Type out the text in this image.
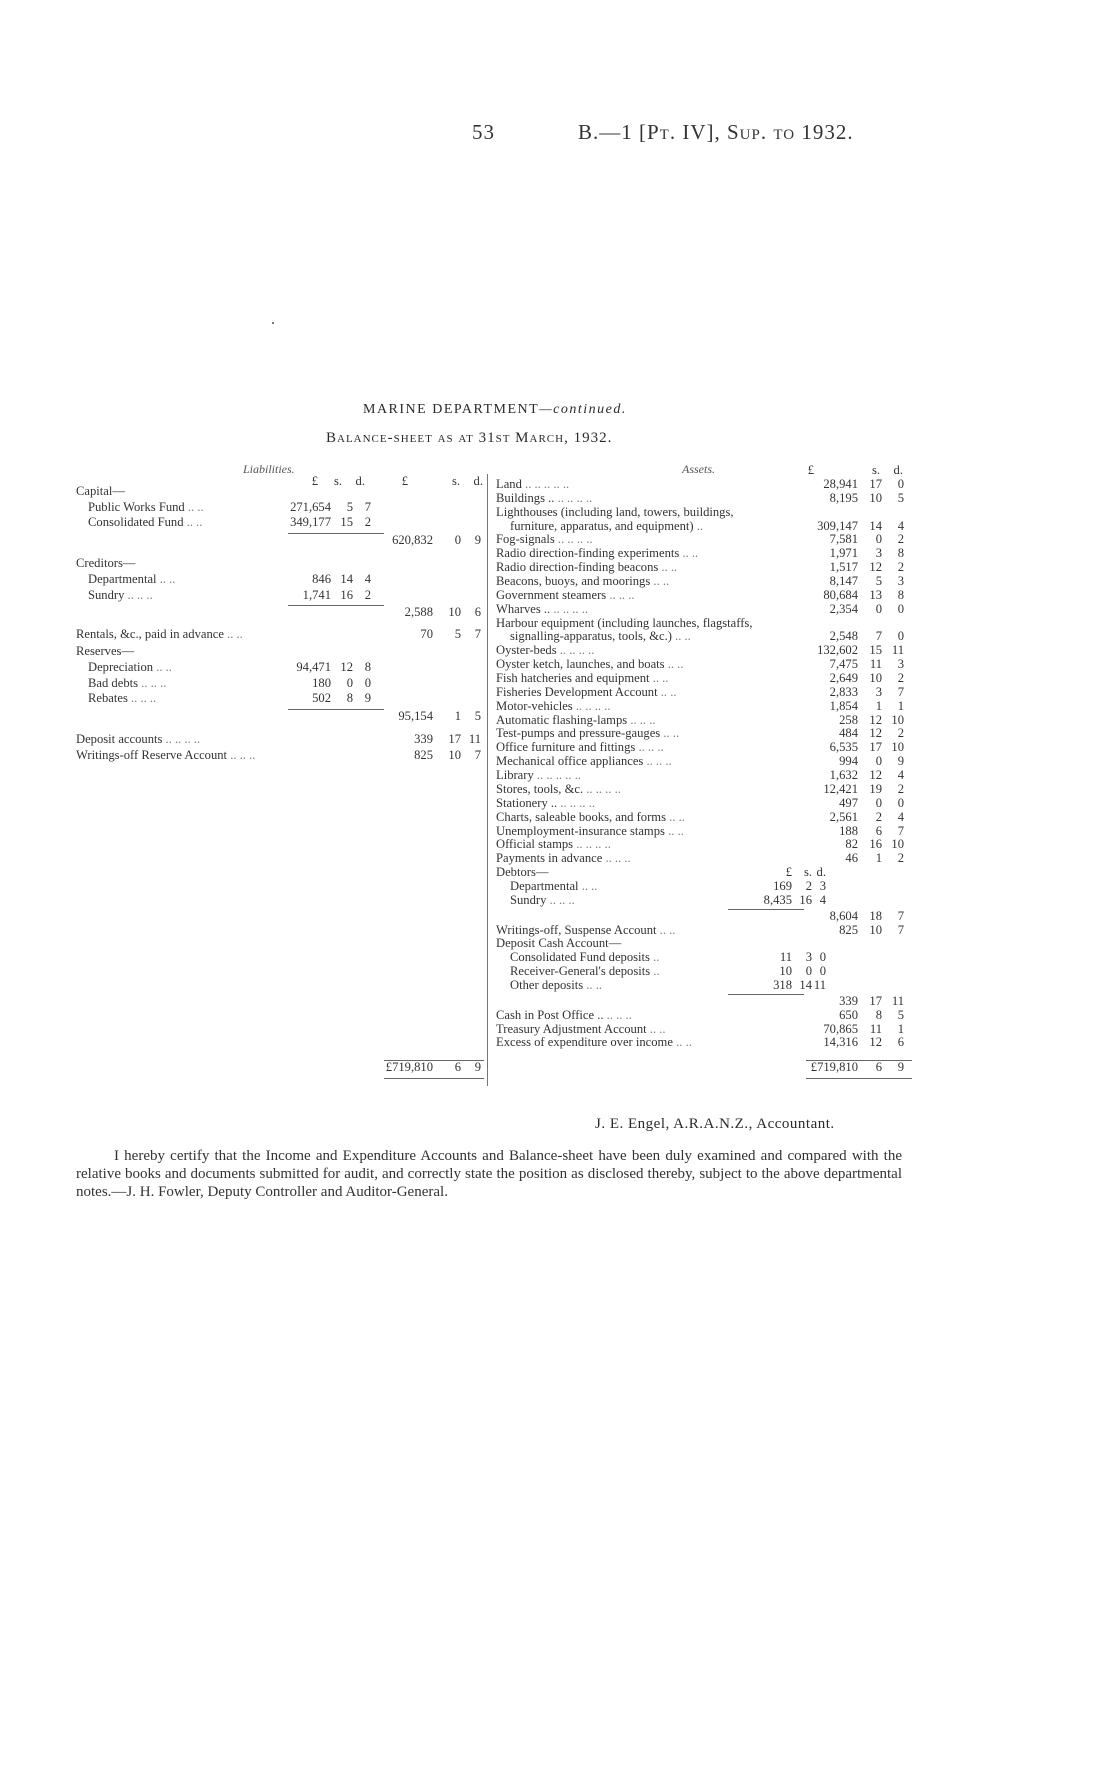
53	B.—1 [Pt. IV], Sup. to 1932.
MARINE DEPARTMENT—continued.
Balance-sheet as at 31st March, 1932.
Liabilities.
£ s. d.	£	s. d.
Capital—
Public Works Fund .. ..	271,654 5 7
Consolidated Fund .. ..	349,177 15 2
620,832 0 9
Creditors—
Departmental .. ..	846 14 4
Sundry .. .. ..	1,741 16 2
2,588 10 6
Rentals, &c., paid in advance .. ..	70 5 7
Reserves—
Depreciation .. ..	94,471 12 8
Bad debts .. .. ..	180 0 0
Rebates .. .. ..	502 8 9
95,154 1 5
Deposit accounts .. .. .. ..	339 17 11
Writings-off Reserve Account .. .. ..	825 10 7
£719,810 6 9
Assets.	£	s. d.
Land .. .. .. .. ..	28,941 17 0
Buildings .. .. .. .. ..	8,195 10 5
Lighthouses (including land, towers, buildings,
furniture, apparatus, and equipment) ..	309,147 14 4
Fog-signals .. .. .. ..	7,581 0 2
Radio direction-finding experiments .. ..	1,971 3 8
Radio direction-finding beacons .. ..	1,517 12 2
Beacons, buoys, and moorings .. ..	8,147 5 3
Government steamers .. .. ..	80,684 13 8
Wharves .. .. .. .. ..	2,354 0 0
Harbour equipment (including launches, flagstaffs,
signalling-apparatus, tools, &c.) .. ..	2,548 7 0
Oyster-beds .. .. .. ..	132,602 15 11
Oyster ketch, launches, and boats .. ..	7,475 11 3
Fish hatcheries and equipment .. ..	2,649 10 2
Fisheries Development Account .. ..	2,833 3 7
Motor-vehicles .. .. .. ..	1,854 1 1
Automatic flashing-lamps .. .. ..	258 12 10
Test-pumps and pressure-gauges .. ..	484 12 2
Office furniture and fittings .. .. ..	6,535 17 10
Mechanical office appliances .. .. ..	994 0 9
Library .. .. .. .. ..	1,632 12 4
Stores, tools, &c. .. .. .. ..	12,421 19 2
Stationery .. .. .. .. ..	497 0 0
Charts, saleable books, and forms .. ..	2,561 2 4
Unemployment-insurance stamps .. ..	188 6 7
Official stamps .. .. .. ..	82 16 10
Payments in advance .. .. ..	46 1 2
Debtors—	£ s. d.
Departmental .. ..	169 2 3
Sundry .. .. ..	8,435 16 4
8,604 18 7
Writings-off, Suspense Account .. ..	825 10 7
Deposit Cash Account—
Consolidated Fund deposits ..	11 3 0
Receiver-General's deposits ..	10 0 0
Other deposits .. ..	318 14 11
339 17 11
Cash in Post Office .. .. .. ..	650 8 5
Treasury Adjustment Account .. ..	70,865 11 1
Excess of expenditure over income .. ..	14,316 12 6
£719,810 6 9
J. E. Engel, A.R.A.N.Z., Accountant.
I hereby certify that the Income and Expenditure Accounts and Balance-sheet have been duly examined and compared with the relative books and documents submitted for audit, and correctly state the position as disclosed thereby, subject to the above departmental notes.—J. H. Fowler, Deputy Controller and Auditor-General.
